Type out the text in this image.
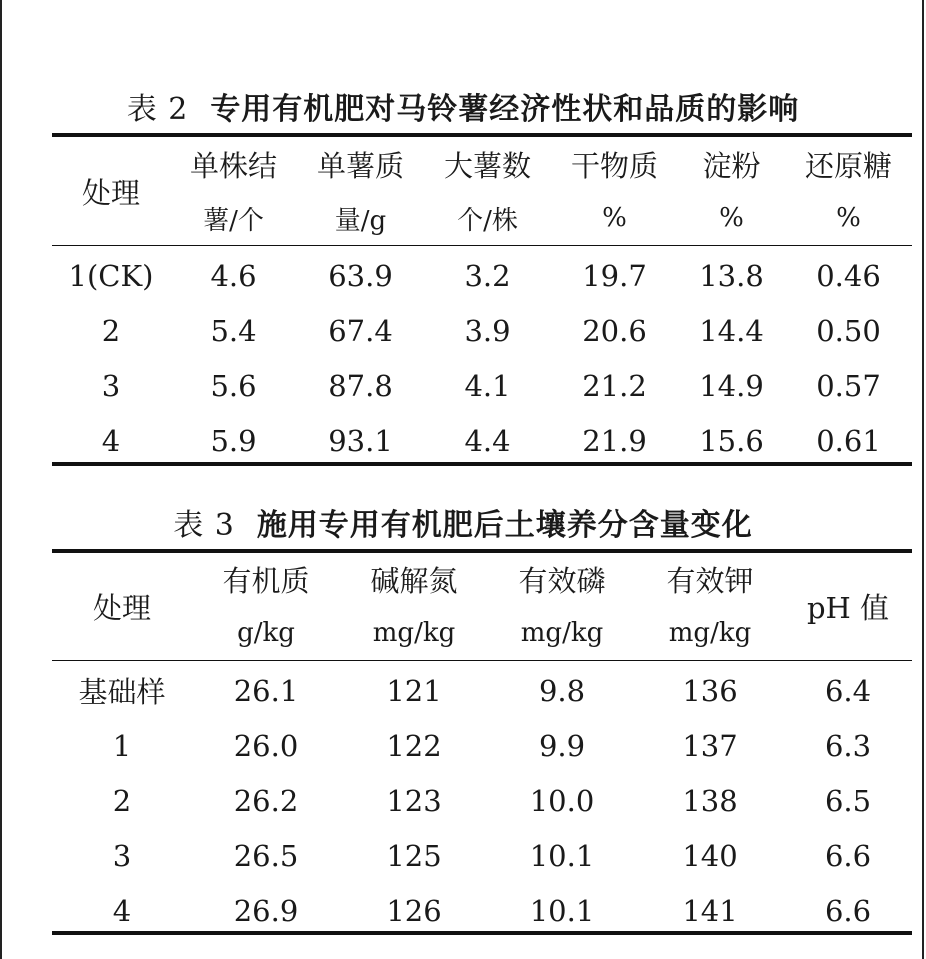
表 2 专用有机肥对马铃薯经济性状和品质的影响
处理	单株结	单薯质	大薯数	干物质	淀粉	还原糖
	薯/个	量/g	个/株	%	%	%

1(CK)	4.6	63.9	3.2	19.7	13.8	0.46
2	5.4	67.4	3.9	20.6	14.4	0.50
3	5.6	87.8	4.1	21.2	14.9	0.57
4	5.9	93.1	4.4	21.9	15.6	0.61
表 3 施用专用有机肥后土壤养分含量变化
处理	有机质	碱解氮	有效磷	有效钾	pH 值
	g/kg	mg/kg	mg/kg	mg/kg	

基础样	26.1	121	9.8	136	6.4
1	26.0	122	9.9	137	6.3
2	26.2	123	10.0	138	6.5
3	26.5	125	10.1	140	6.6
4	26.9	126	10.1	141	6.6
